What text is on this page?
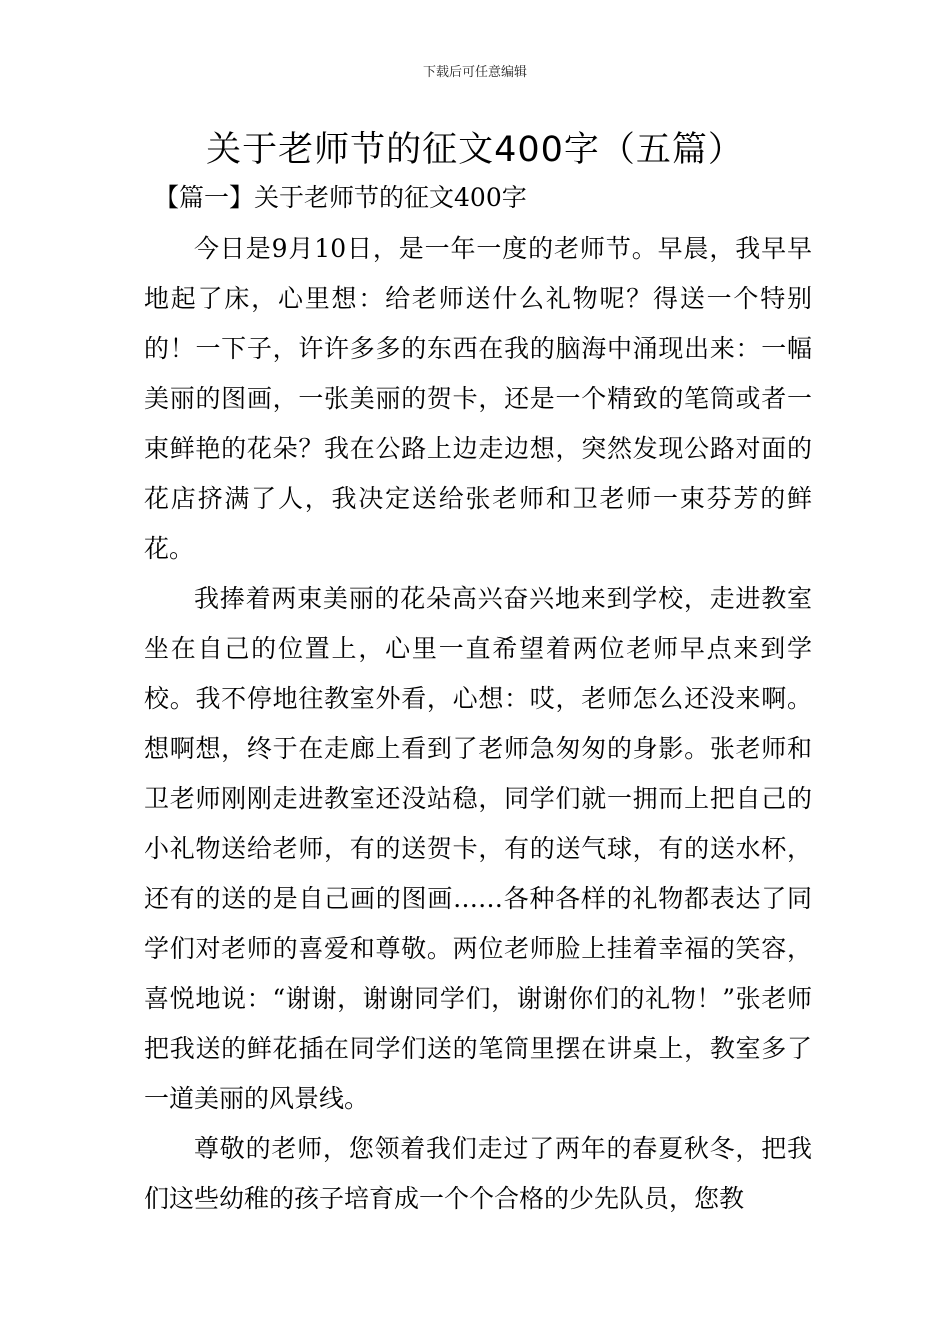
下载后可任意编辑
关于老师节的征文400字（五篇）
【篇一】关于老师节的征文400字

今日是9月10日，是一年一度的老师节。早晨，我早早地起了床，心里想：给老师送什么礼物呢？得送一个特别的！一下子，许许多多的东西在我的脑海中涌现出来：一幅美丽的图画，一张美丽的贺卡，还是一个精致的笔筒或者一束鲜艳的花朵？我在公路上边走边想，突然发现公路对面的花店挤满了人，我决定送给张老师和卫老师一束芬芳的鲜花。

我捧着两束美丽的花朵高兴奋兴地来到学校，走进教室坐在自己的位置上，心里一直希望着两位老师早点来到学校。我不停地往教室外看，心想：哎，老师怎么还没来啊。想啊想，终于在走廊上看到了老师急匆匆的身影。张老师和卫老师刚刚走进教室还没站稳，同学们就一拥而上把自己的小礼物送给老师，有的送贺卡，有的送气球，有的送水杯，还有的送的是自己画的图画……各种各样的礼物都表达了同学们对老师的喜爱和尊敬。两位老师脸上挂着幸福的笑容，喜悦地说：“谢谢，谢谢同学们，谢谢你们的礼物！”张老师把我送的鲜花插在同学们送的笔筒里摆在讲桌上，教室多了一道美丽的风景线。

尊敬的老师，您领着我们走过了两年的春夏秋冬，把我们这些幼稚的孩子培育成一个个合格的少先队员，您教
